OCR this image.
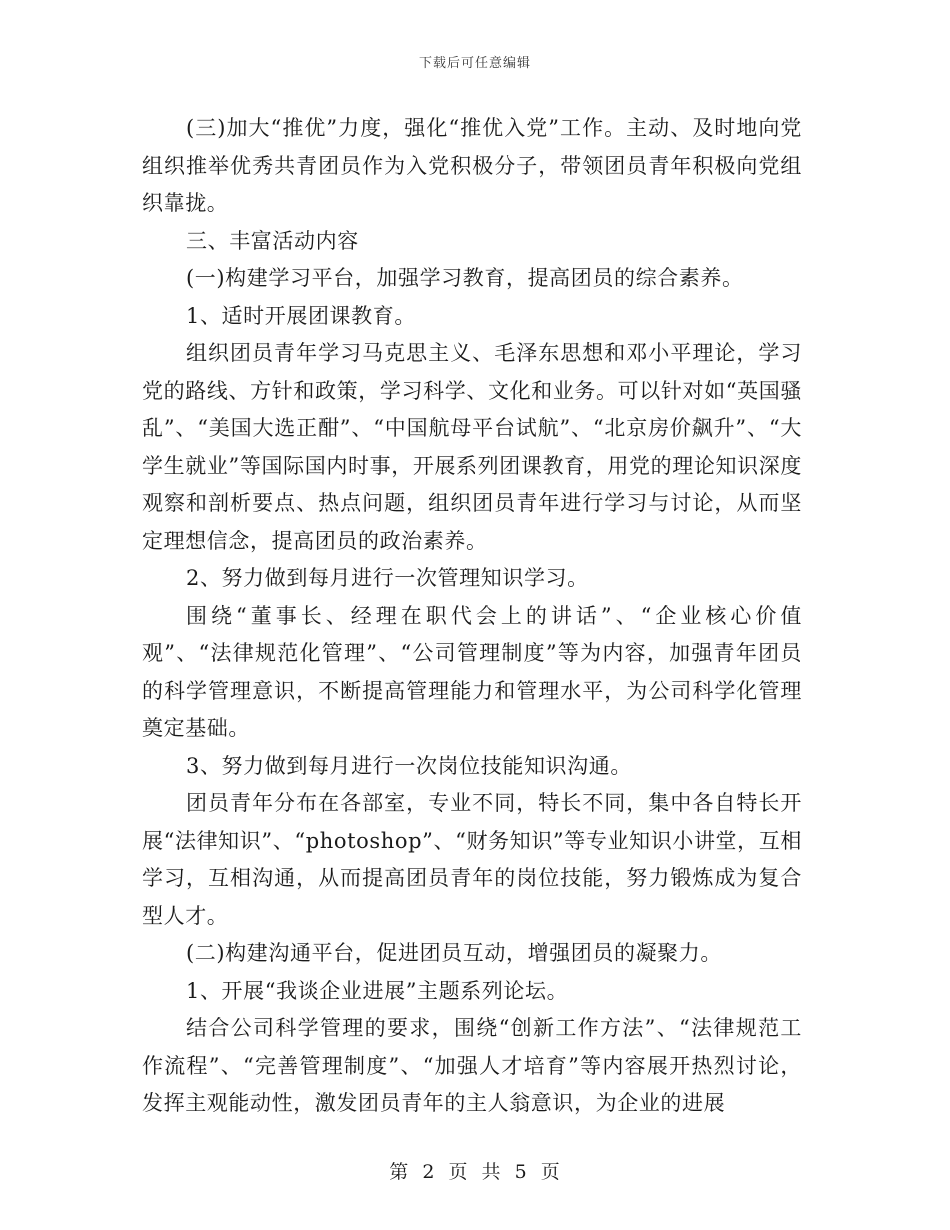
下载后可任意编辑

(三)加大“推优”力度，强化“推优入党”工作。主动、及时地向党组织推举优秀共青团员作为入党积极分子，带领团员青年积极向党组织靠拢。

三、丰富活动内容

(一)构建学习平台，加强学习教育，提高团员的综合素养。

1、适时开展团课教育。

组织团员青年学习马克思主义、毛泽东思想和邓小平理论，学习党的路线、方针和政策，学习科学、文化和业务。可以针对如“英国骚乱”、“美国大选正酣”、“中国航母平台试航”、“北京房价飙升”、“大学生就业”等国际国内时事，开展系列团课教育，用党的理论知识深度观察和剖析要点、热点问题，组织团员青年进行学习与讨论，从而坚定理想信念，提高团员的政治素养。

2、努力做到每月进行一次管理知识学习。

围绕“董事长、经理在职代会上的讲话”、“企业核心价值观”、“法律规范化管理”、“公司管理制度”等为内容，加强青年团员的科学管理意识，不断提高管理能力和管理水平，为公司科学化管理奠定基础。

3、努力做到每月进行一次岗位技能知识沟通。

团员青年分布在各部室，专业不同，特长不同，集中各自特长开展“法律知识”、“photoshop”、“财务知识”等专业知识小讲堂，互相学习，互相沟通，从而提高团员青年的岗位技能，努力锻炼成为复合型人才。

(二)构建沟通平台，促进团员互动，增强团员的凝聚力。

1、开展“我谈企业进展”主题系列论坛。

结合公司科学管理的要求，围绕“创新工作方法”、“法律规范工作流程”、“完善管理制度”、“加强人才培育”等内容展开热烈讨论，发挥主观能动性，激发团员青年的主人翁意识，为企业的进展

第 2 页 共 5 页
